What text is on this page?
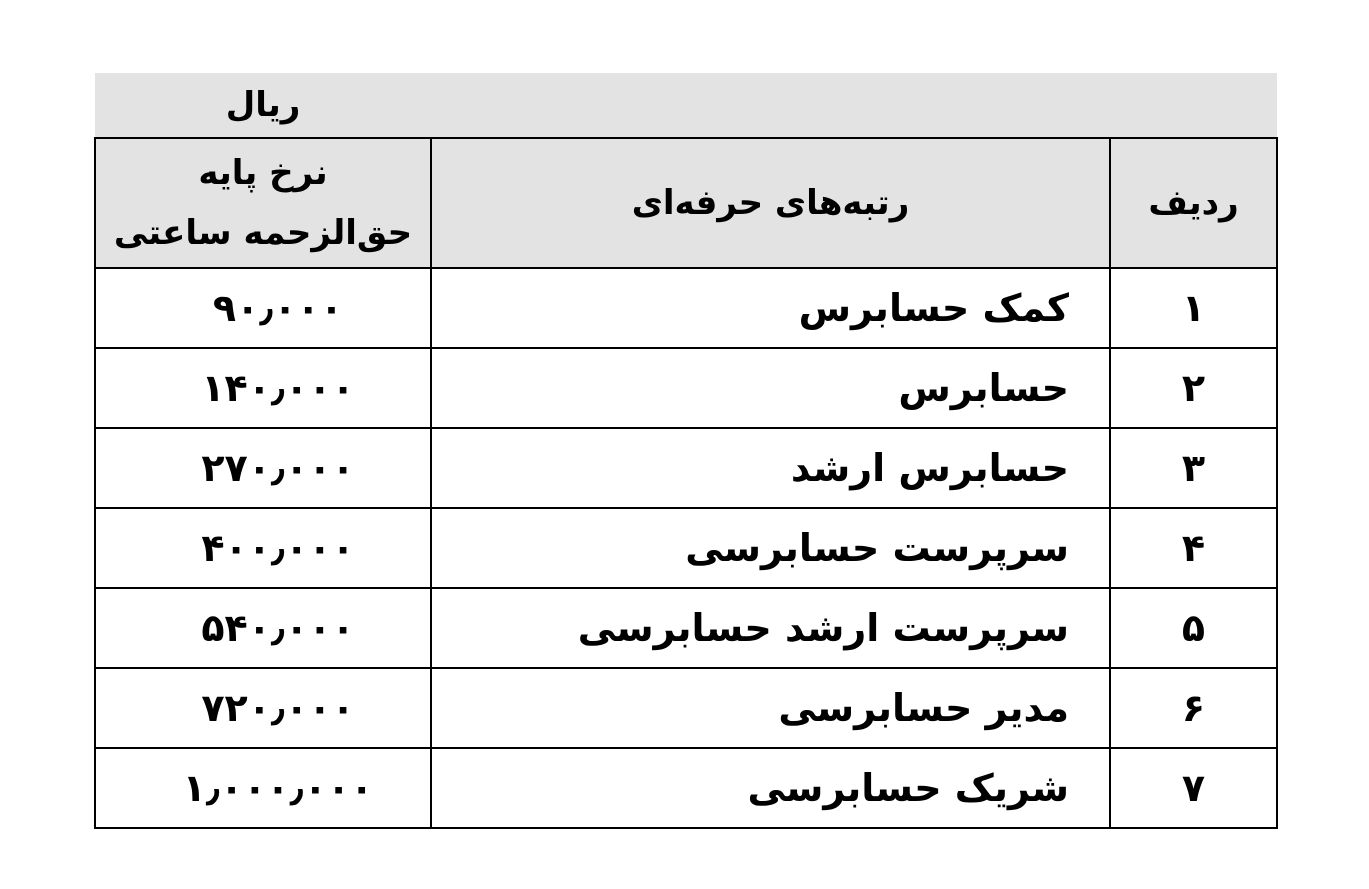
		ریال
ردیف	رتبه‌های حرفه‌ای	نرخ پایه
حق‌الزحمه ساعتی

۱	کمک حسابرس	۹۰٫۰۰۰
۲	حسابرس	۱۴۰٫۰۰۰
۳	حسابرس ارشد	۲۷۰٫۰۰۰
۴	سرپرست حسابرسی	۴۰۰٫۰۰۰
۵	سرپرست ارشد حسابرسی	۵۴۰٫۰۰۰
۶	مدیر حسابرسی	۷۲۰٫۰۰۰
۷	شریک حسابرسی	۱٫۰۰۰٫۰۰۰
